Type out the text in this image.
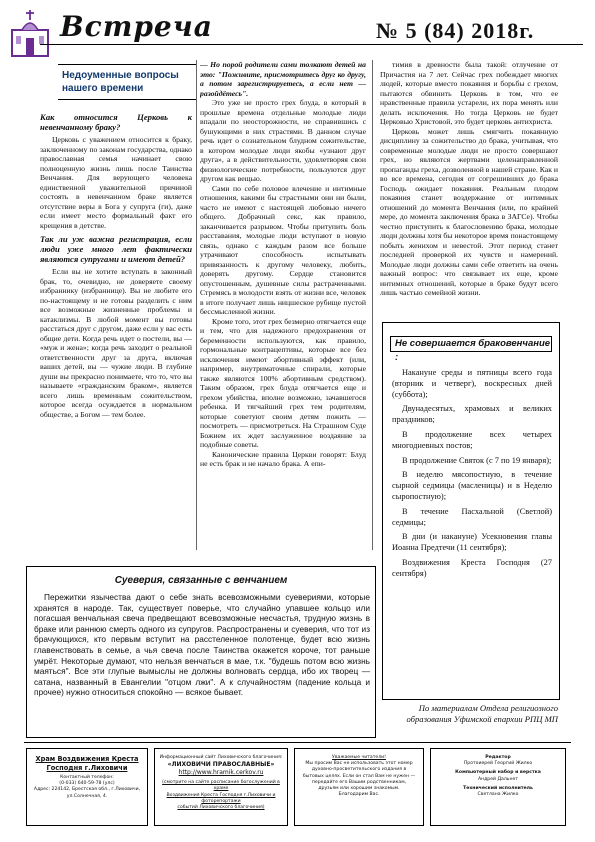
Встреча	№ 5 (84) 2018г.
Недоуменные вопросы
нашего времени

Как относится Церковь к невенчанному браку?

Церковь с уважением относится к браку, заключенному по законам государства, однако православная семья начинает свою полноценную жизнь лишь после Таинства Венчания. Для верующего человека единственной уважительной причиной состоять в невенчанном браке является отсутствие веры в Бога у супруга (ги), даже если имеет место формальный факт его крещения в детстве.

Так ли уж важна регистрация, если люди уже много лет фактически являются супругами и имеют детей?

Если вы не хотите вступать в законный брак, то, очевидно, не доверяете своему избраннику (избраннице). Вы не любите его по-настоящему и не готовы разделить с ним все возможные жизненные проблемы и катаклизмы. В любой момент вы готовы расстаться друг с другом, даже если у вас есть общие дети. Когда речь идет о постели, вы — «муж и жена»; когда речь заходит о реальной ответственности друг за друга, включая ваших детей, вы — чужие люди. В глубине души вы прекрасно понимаете, что то, что вы называете «гражданским браком», является всего лишь временным сожительством, которое всегда осуждается в нормальном обществе, а Богом — тем более.

— Но порой родители сами толкают детей на это: "Поживите, присмотритесь друг ко другу, а потом зарегистрируетесь, а если нет — разойдётесь".

Это уже не просто грех блуда, в который в прошлые времена отдельные молодые люди впадали по неосторожности, не справившись с бушующими в них страстями. В данном случае речь идет о сознательном блудном сожительстве, в котором молодые люди якобы «узнают друг друга», а в действительности, удовлетворяя свои физиологические потребности, пользуются друг другом как вещью.

Сами по себе половое влечение и интимные отношения, какими бы страстными они ни были, часто не имеют с настоящей любовью ничего общего. Добрачный секс, как правило, заканчивается разрывом. Чтобы притупить боль расставания, молодые люди вступают в новую связь, однако с каждым разом все больше утрачивают способность испытывать привязанность к другому человеку, любить, доверять другому. Сердце становится опустошенным, душевные силы растраченными. Стремясь в молодости взять от жизни все, человек в итоге получает лишь ницшеское рубище пустой бессмысленной жизни.

Кроме того, этот грех безмерно отягчается еще и тем, что для надежного предохранения от беременности используются, как правило, гормональные контрацептивы, которые все без исключения имеют абортивный эффект (или, например, внутриматочные спирали, которые также являются 100% абортивным средством). Таким образом, грех блуда отягчается еще и грехом убийства, вполне возможно, зачавшегося ребенка. И тягчайший грех тем родителям, которые советуют своим детям пожить — посмотреть — присмотреться. На Страшном Суде Божием их ждет заслуженное воздаяние за подобные советы.

Канонические правила Церкви говорят: Блуд не есть брак и не начало брака. А епи-

тимия в древности была такой: отлучение от Причастия на 7 лет. Сейчас грех побеждает многих людей, которые вместо покаяния и борьбы с грехом, пытаются обвинить Церковь в том, что ее нравственные правила устарели, их пора менять или делать исключения. Но тогда Церковь не будет Церковью Христовой, это будет церковь антихриста.

Церковь может лишь смягчить покаянную дисциплину за сожительство до брака, учитывая, что современные молодые люди не просто совершают грех, но являются жертвами целенаправленной пропаганды греха, дозволенной в нашей стране. Как и во все времена, сегодня от согрешивших до брака Господь ожидает покаяния. Реальным плодом покаяния станет воздержание от интимных отношений до момента Венчания (или, по крайней мере, до момента заключения брака в ЗАГСе). Чтобы честно приступить к благословению брака, молодые люди должны хотя бы некоторое время понастоящему побыть женихом и невестой. Этот период станет последней проверкой их чувств и намерений. Молодые люди должны сами себе ответить на очень важный вопрос: что связывает их еще, кроме интимных отношений, которые в браке будут всего лишь частью семейной жизни.

Не совершается браковенчание :
Накануне среды и пятницы всего года (вторник и четверг), воскресных дней (суббота);
Двунадесятых, храмовых и великих праздников;
В продолжение всех четырех многодневных постов;
В продолжение Святок (с 7 по 19 января);
В неделю мясопостную, в течение сырной седмицы (масленицы) и в Неделю сыропостную);
В течение Пасхальной (Светлой) седмицы;
В дни (и накануне) Усекновения главы Иоанна Предтечи (11 сентября);
Воздвижения Креста Господня (27 сентября)
По материалам Отдела религиозного образования Уфимской епархии РПЦ МП
Суеверия, связанные с венчанием

Пережитки язычества дают о себе знать всевозможными суевериями, которые хранятся в народе. Так, существует поверье, что случайно упавшее кольцо или погасшая венчальная свеча предвещают всевозможные несчастья, трудную жизнь в браке или раннюю смерть одного из супругов. Распространены и суеверия, что тот из брачующихся, кто первым вступит на расстеленное полотенце, будет всю жизнь главенствовать в семье, а чья свеча после Таинства окажется короче, тот раньше умрёт. Некоторые думают, что нельзя венчаться в мае, т.к. "будешь потом всю жизнь маяться". Все эти глупые вымыслы не должны волновать сердца, ибо их творец — сатана, названный в Евангелии "отцом лжи". А к случайностям (падение кольца и прочее) нужно относиться спокойно — всякое бывает.

Храм Воздвижения Креста
Господня г.Лиховичи
Контактный телефон:
(0-033) 640-59-78 (улс)
Адрес: 224142, Брестская обл., г.Лиховичи,
ул.Солнечная, 4.
Информационный сайт Лиховичского благочиния:
«ЛИХОВИЧИ ПРАВОСЛАВНЫЕ»
http://www.hramik.cerkov.ru
(смотрите на сайте расписание богослужений в храме
Воздвижения Креста Господня г.Лиховичи и фоторепортажи
событий Лиховичского благочиния)
Уважаемые читатели!
Мы просим Вас не использовать этот номер
духовно-просветительского издания в
бытовых целях. Если он стал Вам не нужен —
передайте его Вашим родственникам,
друзьям или хорошим знакомым.
Благодарим Вас.
Редактор
Протоиерей Георгий Жилко
Компьютерный набор и верстка
Андрей Дальнет
Технический исполнитель
Светлана Жилко
